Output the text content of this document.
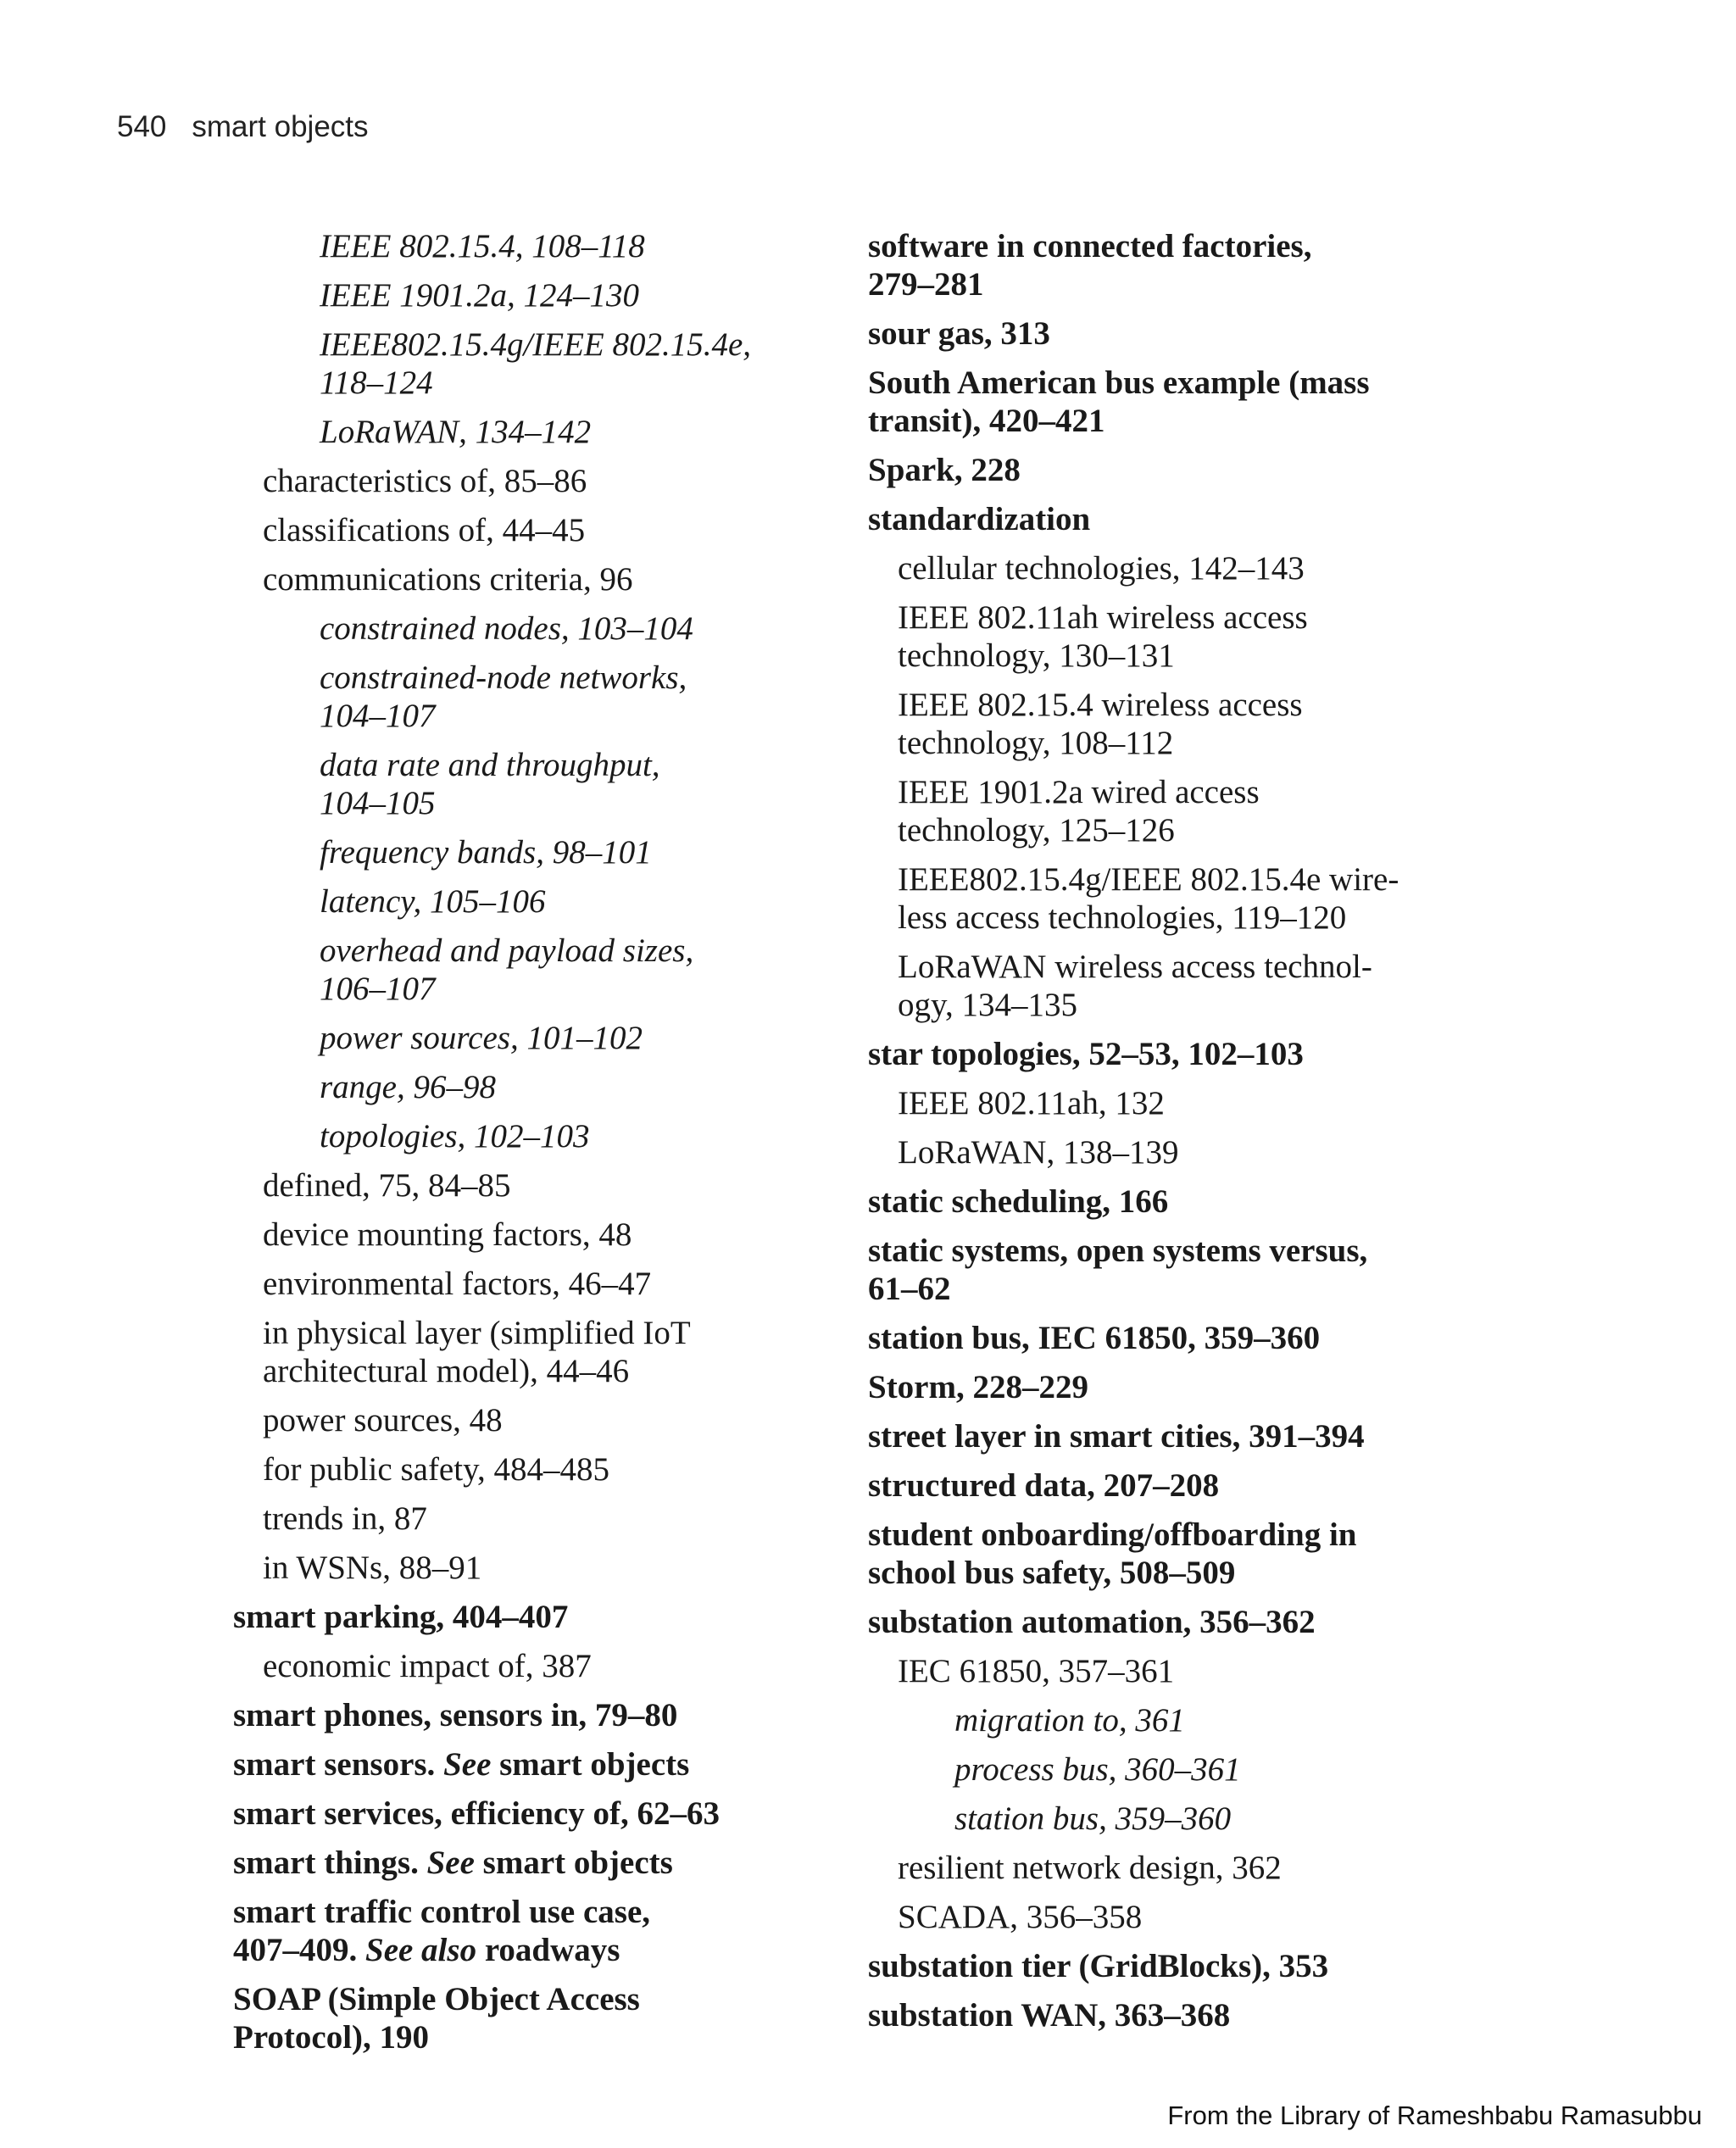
540 smart objects
IEEE 802.15.4, 108–118
IEEE 1901.2a, 124–130
IEEE802.15.4g/IEEE 802.15.4e,
118–124
LoRaWAN, 134–142
characteristics of, 85–86
classifications of, 44–45
communications criteria, 96
constrained nodes, 103–104
constrained-node networks,
104–107
data rate and throughput,
104–105
frequency bands, 98–101
latency, 105–106
overhead and payload sizes,
106–107
power sources, 101–102
range, 96–98
topologies, 102–103
defined, 75, 84–85
device mounting factors, 48
environmental factors, 46–47
in physical layer (simplified IoT
architectural model), 44–46
power sources, 48
for public safety, 484–485
trends in, 87
in WSNs, 88–91
smart parking, 404–407
economic impact of, 387
smart phones, sensors in, 79–80
smart sensors. See smart objects
smart services, efficiency of, 62–63
smart things. See smart objects
smart traffic control use case,
407–409. See also roadways
SOAP (Simple Object Access
Protocol), 190
software in connected factories,
279–281
sour gas, 313
South American bus example (mass
transit), 420–421
Spark, 228
standardization
cellular technologies, 142–143
IEEE 802.11ah wireless access
technology, 130–131
IEEE 802.15.4 wireless access
technology, 108–112
IEEE 1901.2a wired access
technology, 125–126
IEEE802.15.4g/IEEE 802.15.4e wire-
less access technologies, 119–120
LoRaWAN wireless access technol-
ogy, 134–135
star topologies, 52–53, 102–103
IEEE 802.11ah, 132
LoRaWAN, 138–139
static scheduling, 166
static systems, open systems versus,
61–62
station bus, IEC 61850, 359–360
Storm, 228–229
street layer in smart cities, 391–394
structured data, 207–208
student onboarding/offboarding in
school bus safety, 508–509
substation automation, 356–362
IEC 61850, 357–361
migration to, 361
process bus, 360–361
station bus, 359–360
resilient network design, 362
SCADA, 356–358
substation tier (GridBlocks), 353
substation WAN, 363–368
From the Library of Rameshbabu Ramasubbu
